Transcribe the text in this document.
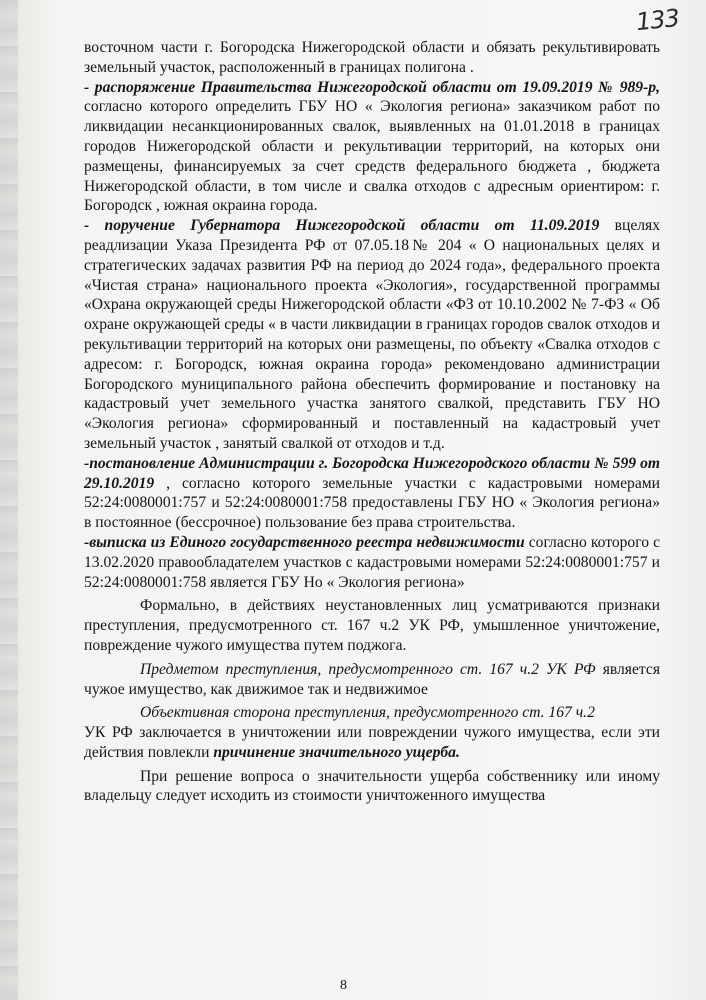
133

восточном части г. Богородска Нижегородской области и обязать рекультивировать земельный участок, расположенный в границах полигона .

- распоряжение Правительства Нижегородской области от 19.09.2019 № 989-р, согласно которого определить ГБУ НО « Экология региона» заказчиком работ по ликвидации несанкционированных свалок, выявленных на 01.01.2018 в границах городов Нижегородской области и рекультивации территорий, на которых они размещены, финансируемых за счет средств федерального бюджета , бюджета Нижегородской области, в том числе и свалка отходов с адресным ориентиром: г. Богородск , южная окраина города.

- поручение Губернатора Нижегородской области от 11.09.2019 вцелях реадлизации Указа Президента РФ от 07.05.18№ 204 « О национальных целях и стратегических задачах развития РФ на период до 2024 года», федерального проекта «Чистая страна» национального проекта «Экология», государственной программы «Охрана окружающей среды Нижегородской области «ФЗ от 10.10.2002 № 7-ФЗ « Об охране окружающей среды « в части ликвидации в границах городов свалок отходов и рекультивации территорий на которых они размещены, по объекту «Свалка отходов с адресом: г. Богородск, южная окраина города» рекомендовано администрации Богородского муниципального района обеспечить формирование и постановку на кадастровый учет земельного участка занятого свалкой, представить ГБУ НО «Экология региона» сформированный и поставленный на кадастровый учет земельный участок , занятый свалкой от отходов и т.д.

-постановление Администрации г. Богородска Нижегородского области № 599 от 29.10.2019 , согласно которого земельные участки с кадастровыми номерами 52:24:0080001:757 и 52:24:0080001:758 предоставлены ГБУ НО « Экология региона» в постоянное (бессрочное) пользование без права строительства.

-выписка из Единого государственного реестра недвижимости согласно которого с 13.02.2020 правообладателем участков с кадастровыми номерами 52:24:0080001:757 и 52:24:0080001:758 является ГБУ Но « Экология региона»

Формально, в действиях неустановленных лиц усматриваются признаки преступления, предусмотренного ст. 167 ч.2 УК РФ, умышленное уничтожение, повреждение чужого имущества путем поджога.

Предметом преступления, предусмотренного ст. 167 ч.2 УК РФ является чужое имущество, как движимое так и недвижимое

Объективная сторона преступления, предусмотренного ст. 167 ч.2
УК РФ заключается в уничтожении или повреждении чужого имущества, если эти действия повлекли причинение значительного ущерба.

При решение вопроса о значительности ущерба собственнику или иному владельцу следует исходить из стоимости уничтоженного имущества

8
